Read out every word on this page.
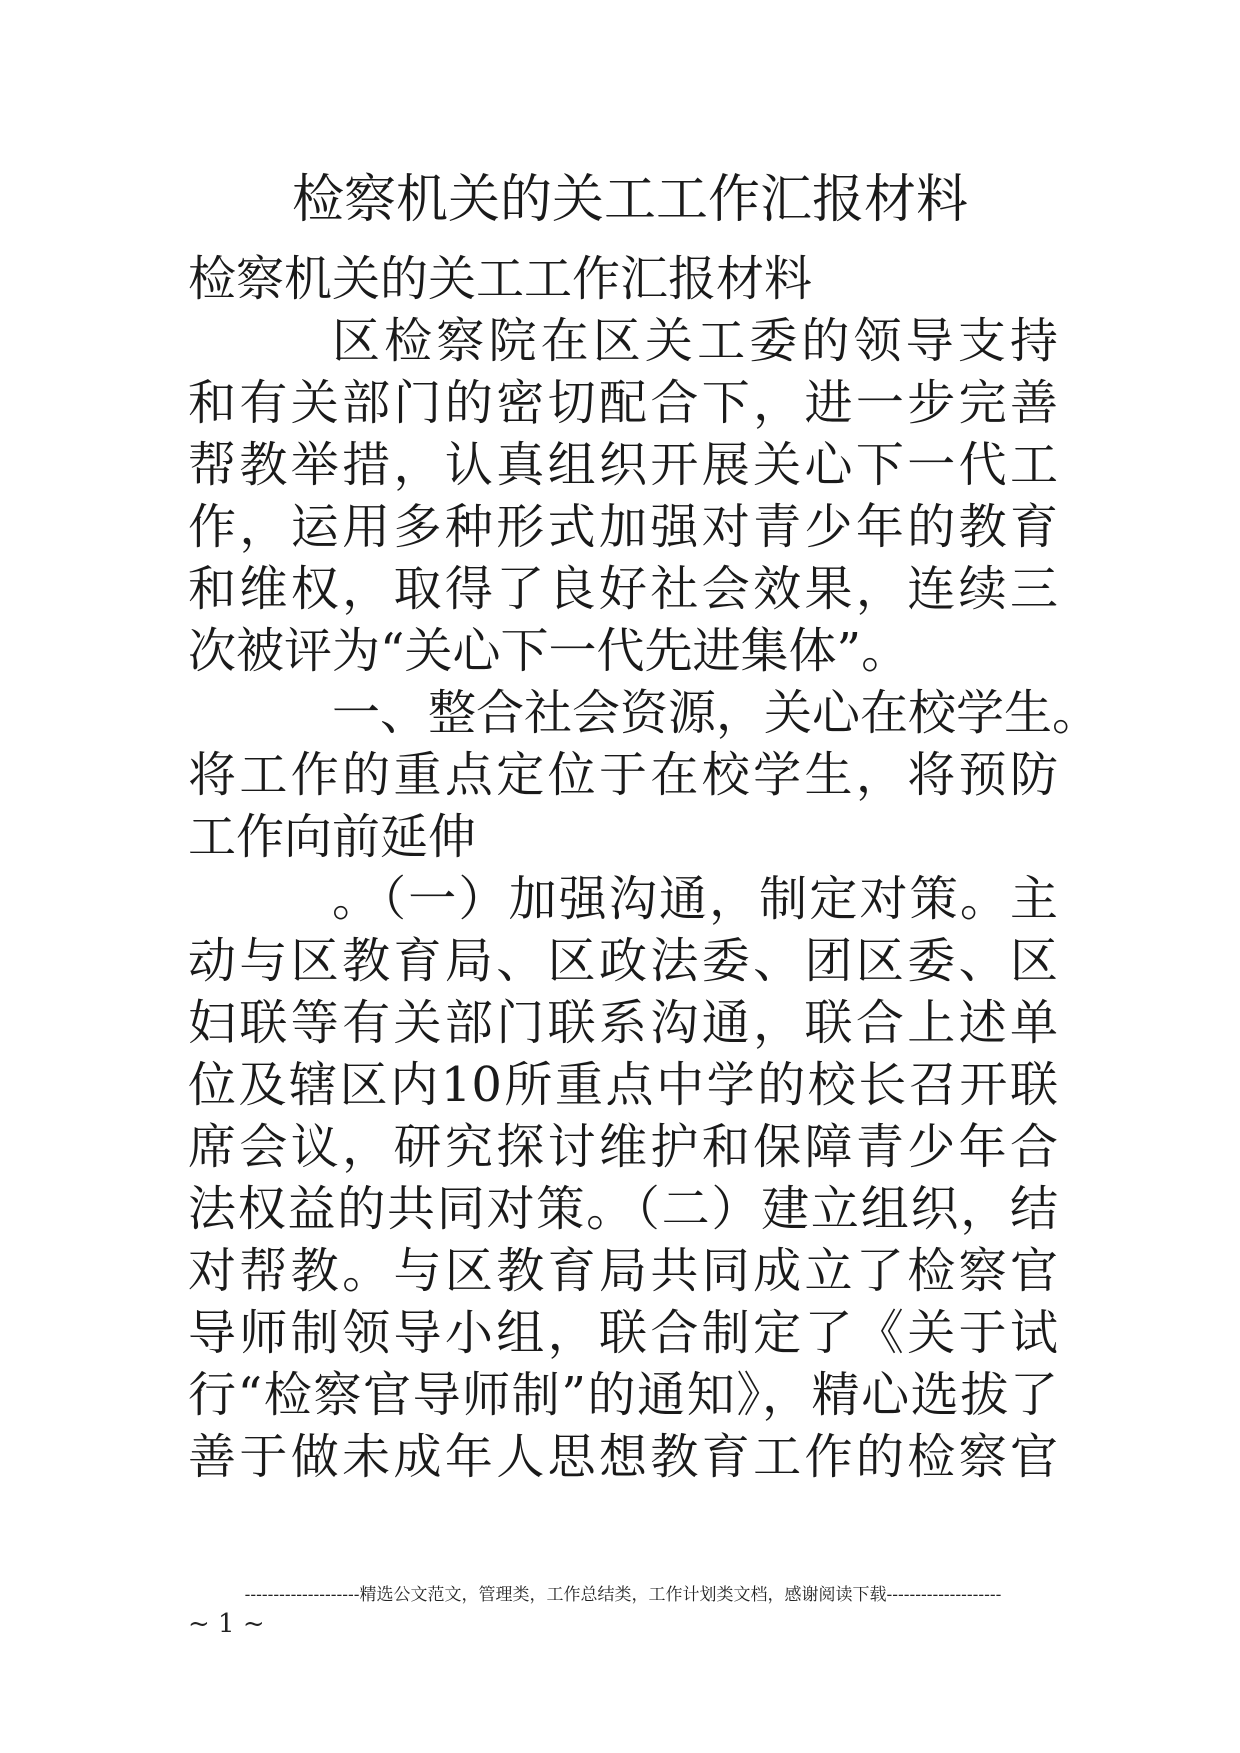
检察机关的关工工作汇报材料

检察机关的关工工作汇报材料

区检察院在区关工委的领导支持

和有关部门的密切配合下，进一步完善

帮教举措，认真组织开展关心下一代工

作，运用多种形式加强对青少年的教育

和维权，取得了良好社会效果，连续三

次被评为“关心下一代先进集体”。

一、整合社会资源，关心在校学生。

将工作的重点定位于在校学生，将预防

工作向前延伸

。（一）加强沟通，制定对策。主

动与区教育局、区政法委、团区委、区

妇联等有关部门联系沟通，联合上述单

位及辖区内10所重点中学的校长召开联

席会议，研究探讨维护和保障青少年合

法权益的共同对策。（二）建立组织，结

对帮教。与区教育局共同成立了检察官

导师制领导小组，联合制定了《关于试

行“检察官导师制”的通知》，精心选拔了

善于做未成年人思想教育工作的检察官

--------------------精选公文范文，管理类，工作总结类，工作计划类文档，感谢阅读下载--------------------
~ 1 ~
